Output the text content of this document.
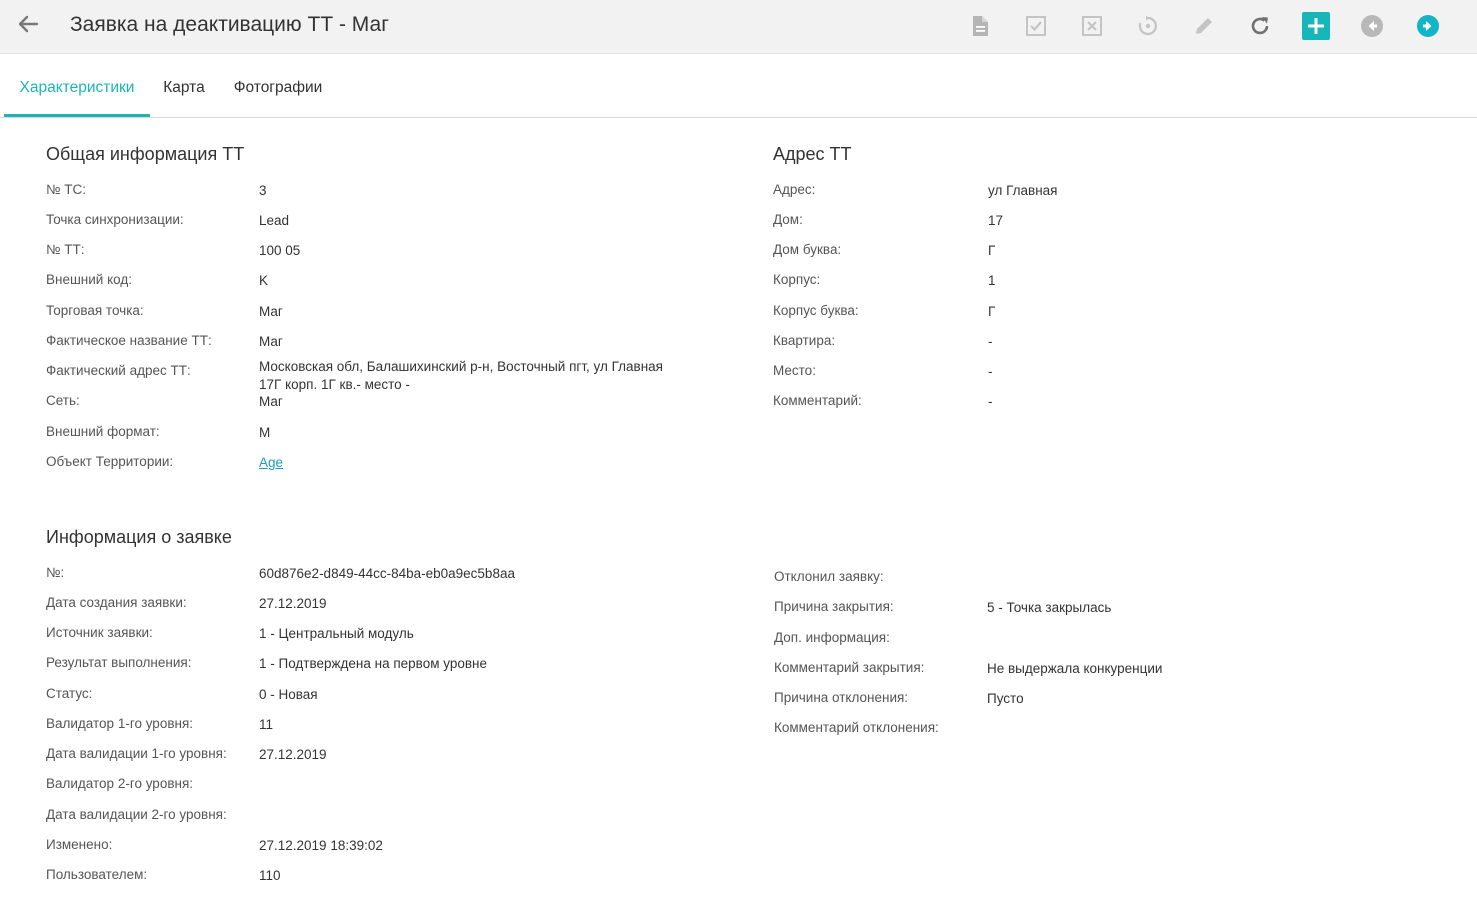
Заявка на деактивацию ТТ - Маг
Характеристики	Карта	Фотографии
Общая информация ТТ
№ ТС:	3
Точка синхронизации:	Lead
№ ТТ:	100 05
Внешний код:	K
Торговая точка:	Маг
Фактическое название ТТ:	Маг
Фактический адрес ТТ:	Московская обл, Балашихинский р-н, Восточный пгт, ул Главная
17Г корп. 1Г кв.- место -
Сеть:	Маг
Внешний формат:	M
Объект Территории:	Age
Адрес ТТ
Адрес:	ул Главная
Дом:	17
Дом буква:	Г
Корпус:	1
Корпус буква:	Г
Квартира:	-
Место:	-
Комментарий:	-
Информация о заявке
№:	60d876e2-d849-44cc-84ba-eb0a9ec5b8aa
Дата создания заявки:	27.12.2019
Источник заявки:	1 - Центральный модуль
Результат выполнения:	1 - Подтверждена на первом уровне
Статус:	0 - Новая
Валидатор 1-го уровня:	11
Дата валидации 1-го уровня: 27.12.2019
Валидатор 2-го уровня:
Дата валидации 2-го уровня:
Изменено:	27.12.2019 18:39:02
Пользователем:	110
Отклонил заявку:
Причина закрытия:	5 - Точка закрылась
Доп. информация:
Комментарий закрытия:	Не выдержала конкуренции
Причина отклонения:	Пусто
Комментарий отклонения:
